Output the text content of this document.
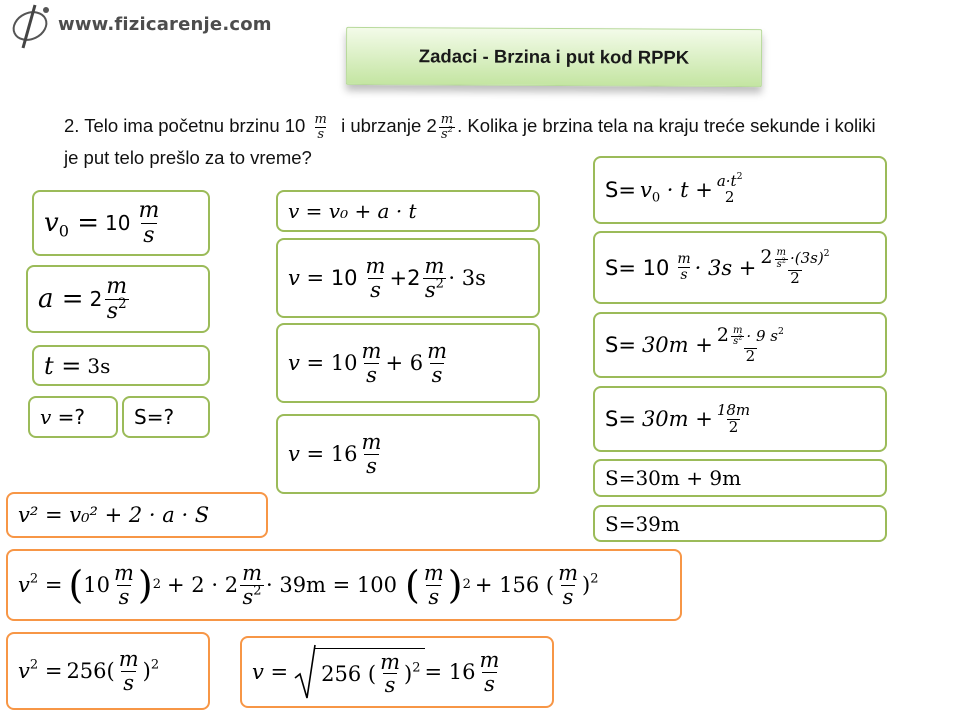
www.fizicarenje.com
Zadaci - Brzina i put kod RPPK
2. Telo ima početnu brzinu $10 \frac{m}{s}$ i ubrzanje $2 \frac{m}{s^2}$ . Kolika je brzina tela na kraju treće sekunde i koliki je put telo prešlo za to vreme?
$v_0 = 10 \frac{m}{s}$
$a = 2 \frac{m}{s^2}$
t = 3s
v =? S=?
v = v₀ + a · t
$v = 10 \frac{m}{s} +2 \frac{m}{s^2} \cdot 3s$
$v = 10 \frac{m}{s} + 6 \frac{m}{s}$
$v = 16 \frac{m}{s}$
$S= v_0 \cdot t + a\cdot t^2$
2
$S= 10 \frac{m}{s} \cdot 3s + \frac{2 \frac{m}{s^2} \cdot(3s)^2}{2}$
$S= 30m + \frac{2 \frac{m}{s^2} \cdot 9 s^2}{2}$
$S= 30m + \frac{18m}{2}$
S=30m + 9m
S=39m
v² = v₀² + 2 · a · S
$v^2$ = ( $10 \frac{m}{s}$ ) $2 + 2 \cdot 2 \frac{m}{s^2} \cdot 39m = 100$ ( $\frac{m}{s}$ ) 2 + 156 ( $\frac{m}{s} )^2$
$v^2 = 256( \frac{m}{s} )^2$	v = 256 ( $\frac{m}{s} )^2 = 16 \frac{m}{s}$
